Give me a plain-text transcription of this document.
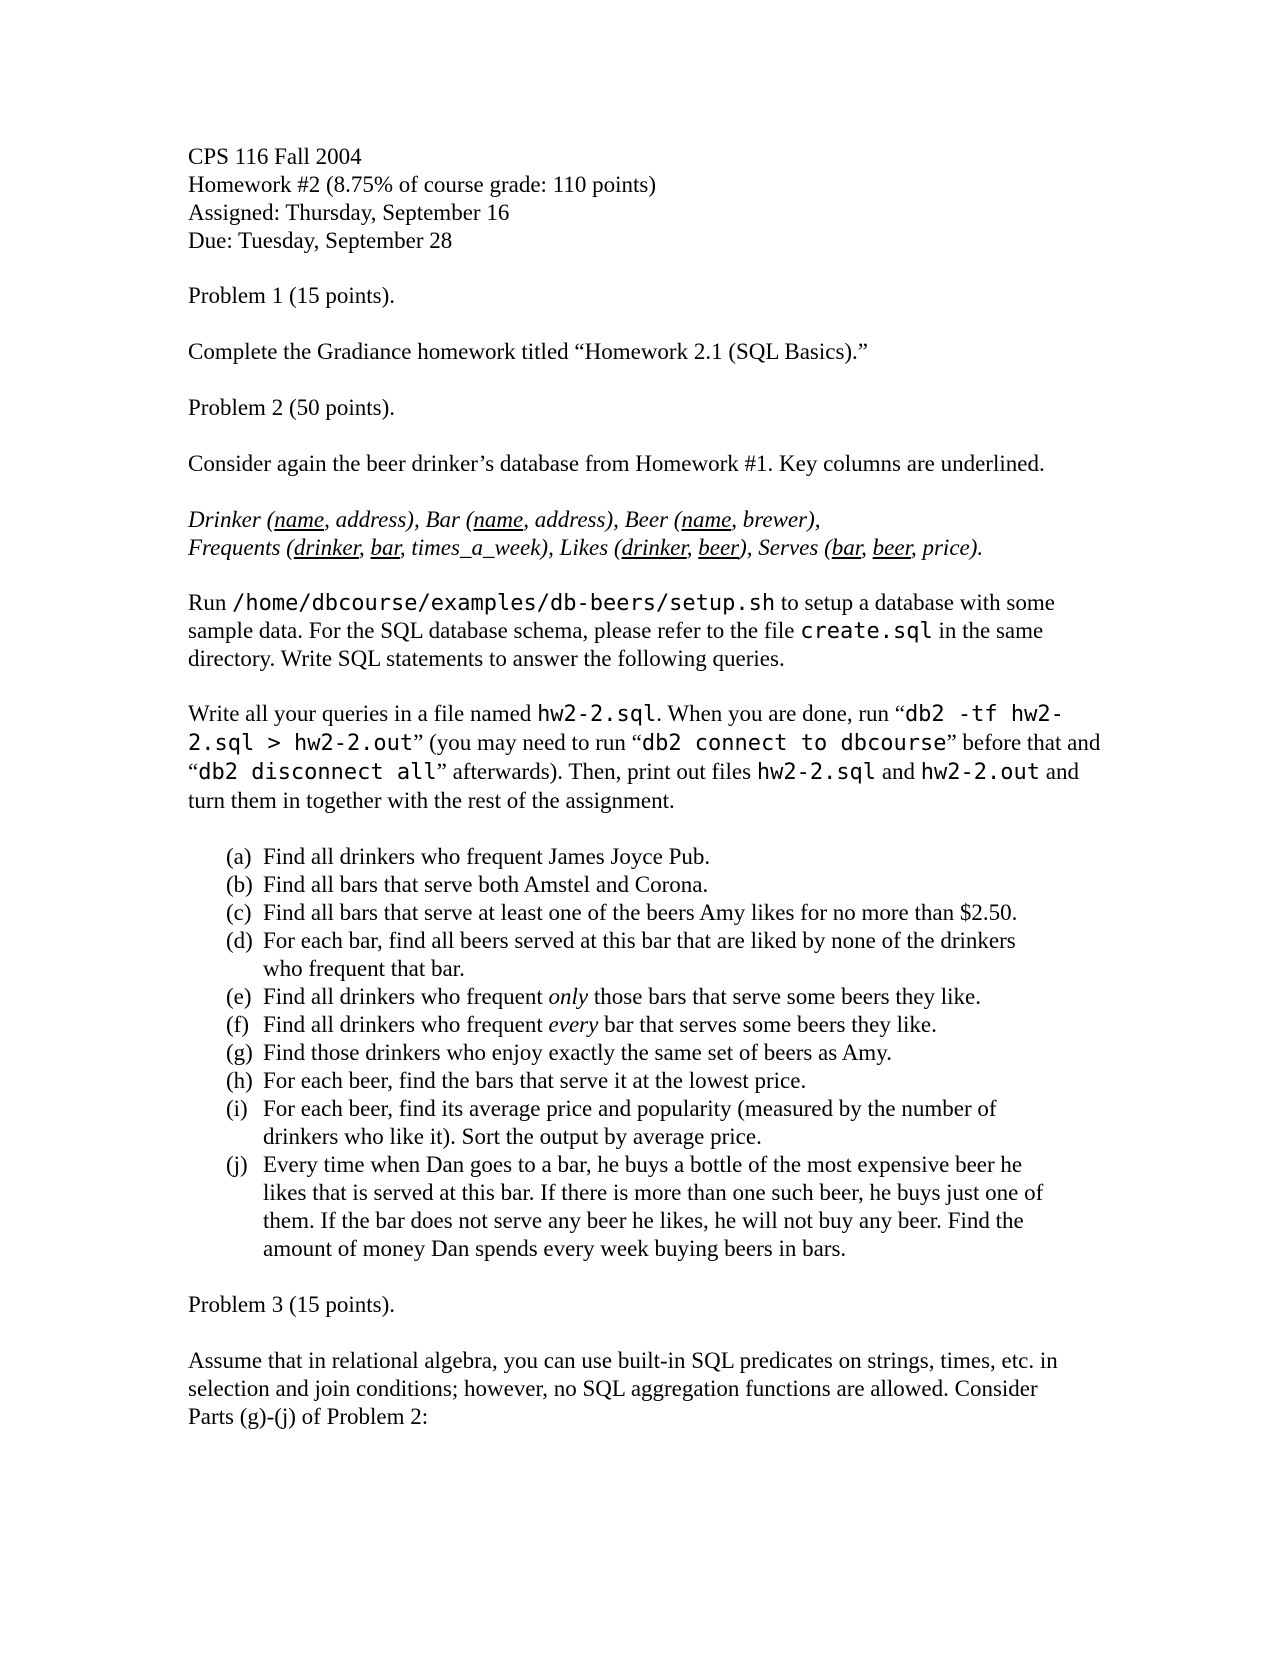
CPS 116 Fall 2004
Homework #2 (8.75% of course grade: 110 points)
Assigned: Thursday, September 16
Due: Tuesday, September 28
Problem 1 (15 points).
Complete the Gradiance homework titled “Homework 2.1 (SQL Basics).”
Problem 2 (50 points).
Consider again the beer drinker’s database from Homework #1. Key columns are underlined.
Drinker (name, address), Bar (name, address), Beer (name, brewer),
Frequents (drinker, bar, times_a_week), Likes (drinker, beer), Serves (bar, beer, price).
Run /home/dbcourse/examples/db-beers/setup.sh to setup a database with some
sample data. For the SQL database schema, please refer to the file create.sql in the same
directory. Write SQL statements to answer the following queries.
Write all your queries in a file named hw2-2.sql. When you are done, run “db2 -tf hw2-
2.sql > hw2-2.out” (you may need to run “db2 connect to dbcourse” before that and
“db2 disconnect all” afterwards). Then, print out files hw2-2.sql and hw2-2.out and
turn them in together with the rest of the assignment.
(a) Find all drinkers who frequent James Joyce Pub.
(b) Find all bars that serve both Amstel and Corona.
(c) Find all bars that serve at least one of the beers Amy likes for no more than $2.50.
(d) For each bar, find all beers served at this bar that are liked by none of the drinkers
who frequent that bar.
(e) Find all drinkers who frequent only those bars that serve some beers they like.
(f) Find all drinkers who frequent every bar that serves some beers they like.
(g) Find those drinkers who enjoy exactly the same set of beers as Amy.
(h) For each beer, find the bars that serve it at the lowest price.
(i) For each beer, find its average price and popularity (measured by the number of
drinkers who like it). Sort the output by average price.
(j) Every time when Dan goes to a bar, he buys a bottle of the most expensive beer he
likes that is served at this bar. If there is more than one such beer, he buys just one of
them. If the bar does not serve any beer he likes, he will not buy any beer. Find the
amount of money Dan spends every week buying beers in bars.
Problem 3 (15 points).
Assume that in relational algebra, you can use built-in SQL predicates on strings, times, etc. in
selection and join conditions; however, no SQL aggregation functions are allowed. Consider
Parts (g)-(j) of Problem 2:
